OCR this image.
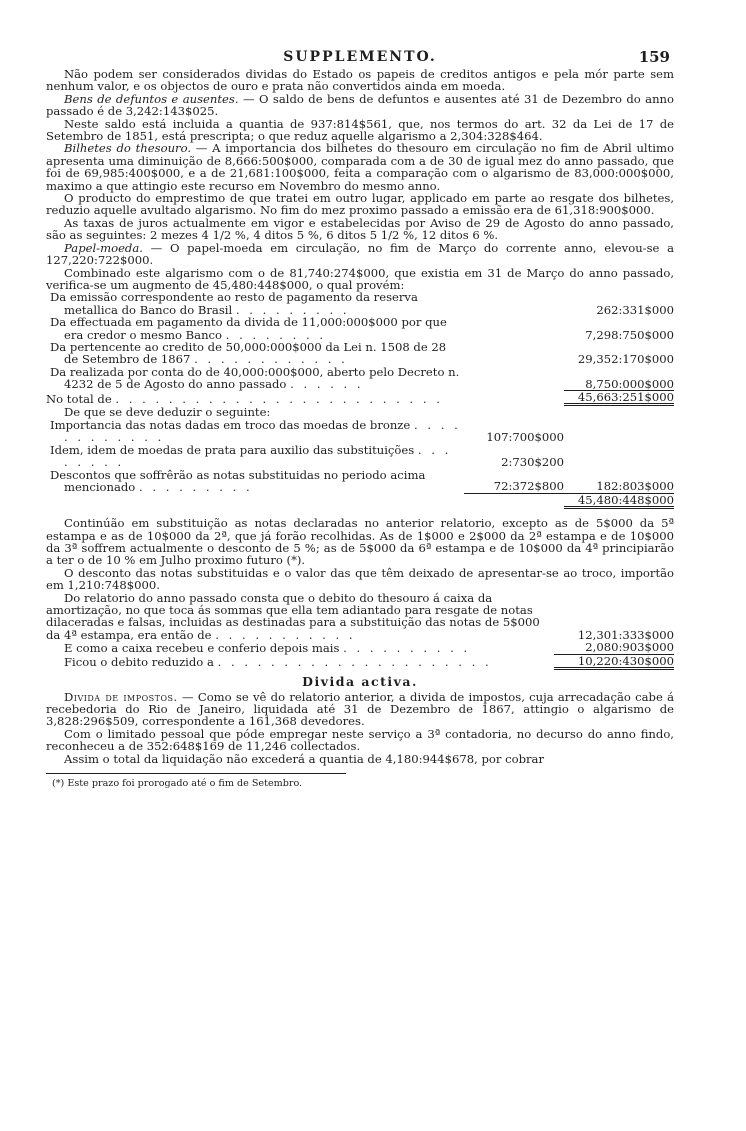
SUPPLEMENTO.	159

Não podem ser considerados dividas do Estado os papeis de creditos antigos e pela mór parte sem nenhum valor, e os objectos de ouro e prata não convertidos ainda em moeda.

Bens de defuntos e ausentes. — O saldo de bens de defuntos e ausentes até 31 de Dezembro do anno passado é de 3,242:143$025.

Neste saldo está incluida a quantia de 937:814$561, que, nos termos do art. 32 da Lei de 17 de Setembro de 1851, está prescripta; o que reduz aquelle algarismo a 2,304:328$464.

Bilhetes do thesouro. — A importancia dos bilhetes do thesouro em circulação no fim de Abril ultimo apresenta uma diminuição de 8,666:500$000, comparada com a de 30 de igual mez do anno passado, que foi de 69,985:400$000, e a de 21,681:100$000, feita a comparação com o algarismo de 83,000:000$000, maximo a que attingio este recurso em Novembro do mesmo anno.

O producto do emprestimo de que tratei em outro lugar, applicado em parte ao resgate dos bilhetes, reduzio aquelle avultado algarismo. No fim do mez proximo passado a emissão era de 61,318:900$000.

As taxas de juros actualmente em vigor e estabelecidas por Aviso de 29 de Agosto do anno passado, são as seguintes: 2 mezes 4 1/2 %, 4 ditos 5 %, 6 ditos 5 1/2 %, 12 ditos 6 %.

Papel-moeda. — O papel-moeda em circulação, no fim de Março do corrente anno, elevou-se a 127,220:722$000.

Combinado este algarismo com o de 81,740:274$000, que existia em 31 de Março do anno passado, verifica-se um augmento de 45,480:448$000, o qual provém:

Da emissão correspondente ao resto de pagamento da reserva metallica do Banco do Brasil . . . . . . . . .		262:331$000
Da effectuada em pagamento da divida de 11,000:000$000 por que era credor o mesmo Banco . . . . . . . .		7,298:750$000
Da pertencente ao credito de 50,000:000$000 da Lei n. 1508 de 28 de Setembro de 1867 . . . . . . . . . . . .		29,352:170$000
Da realizada por conta do de 40,000:000$000, aberto pelo Decreto n. 4232 de 5 de Agosto do anno passado . . . . . .		8,750:000$000
No total de . . . . . . . . . . . . . . . . . . . . . . . . .		45,663:251$000
De que se deve deduzir o seguinte:		
Importancia das notas dadas em troco das moedas de bronze . . . . . . . . . . . .	107:700$000	
Idem, idem de moedas de prata para auxilio das substituições . . . . . . . .	2:730$200	
Descontos que soffrêrão as notas substituidas no periodo acima mencionado . . . . . . . . .	72:372$800	182:803$000
		45,480:448$000

Continúão em substituição as notas declaradas no anterior relatorio, excepto as de 5$000 da 5ª estampa e as de 10$000 da 2ª, que já forão recolhidas. As de 1$000 e 2$000 da 2ª estampa e de 10$000 da 3ª soffrem actualmente o desconto de 5 %; as de 5$000 da 6ª estampa e de 10$000 da 4ª principiarão a ter o de 10 % em Julho proximo futuro (*).

O desconto das notas substituidas e o valor das que têm deixado de apresentar-se ao troco, importão em 1,210:748$000.

Do relatorio do anno passado consta que o debito do thesouro á caixa da amortização, no que toca ás sommas que ella tem adiantado para resgate de notas dilaceradas e falsas, incluidas as destinadas para a substituição das notas de 5$000 da 4ª estampa, era então de . . . . . . . . . . .	12,301:333$000
E como a caixa recebeu e conferio depois mais . . . . . . . . . .	2,080:903$000
Ficou o debito reduzido a . . . . . . . . . . . . . . . . . . . . .	10,220:430$000
Divida activa.

Divida de impostos. — Como se vê do relatorio anterior, a divida de impostos, cuja arrecadação cabe á recebedoria do Rio de Janeiro, liquidada até 31 de Dezembro de 1867, attingio o algarismo de 3,828:296$509, correspondente a 161,368 devedores.

Com o limitado pessoal que póde empregar neste serviço a 3ª contadoria, no decurso do anno findo, reconheceu a de 352:648$169 de 11,246 collectados.

Assim o total da liquidação não excederá a quantia de 4,180:944$678, por cobrar

(*) Este prazo foi prorogado até o fim de Setembro.
